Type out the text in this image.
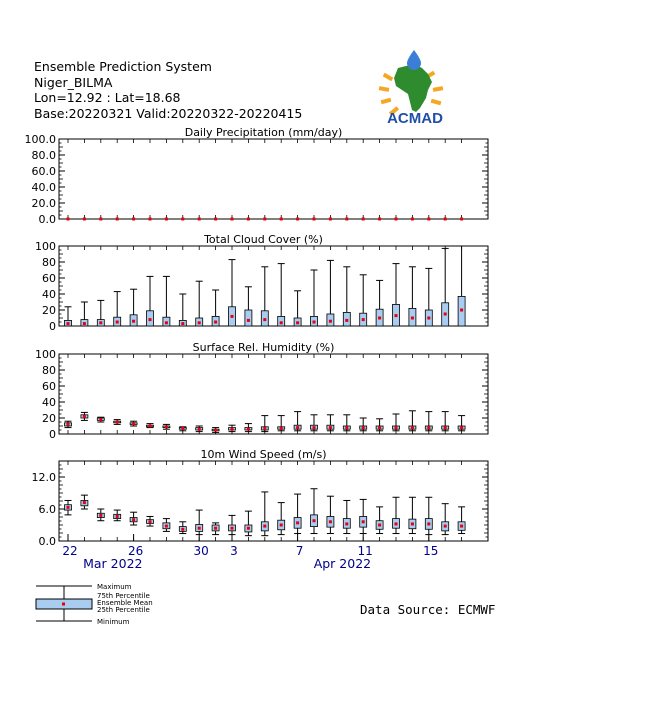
Ensemble Prediction System
Niger_BILMA
Lon=12.92 : Lat=18.68
Base:20220321 Valid:20220322-20220415	ACMAD
Daily Precipitation (mm/day)
0.0
20.0
40.0
60.0
80.0
100.0
Total Cloud Cover (%)
0
20
40
60
80
100
Surface Rel. Humidity (%)
0
20
40
60
80
100
10m Wind Speed (m/s)
0.0
6.0
12.0
22	26	30 3	7	11	15
Mar 2022	Apr 2022
Maximum
75th Percentile
Ensemble Mean
25th Percentile
Minimum
Data Source: ECMWF
